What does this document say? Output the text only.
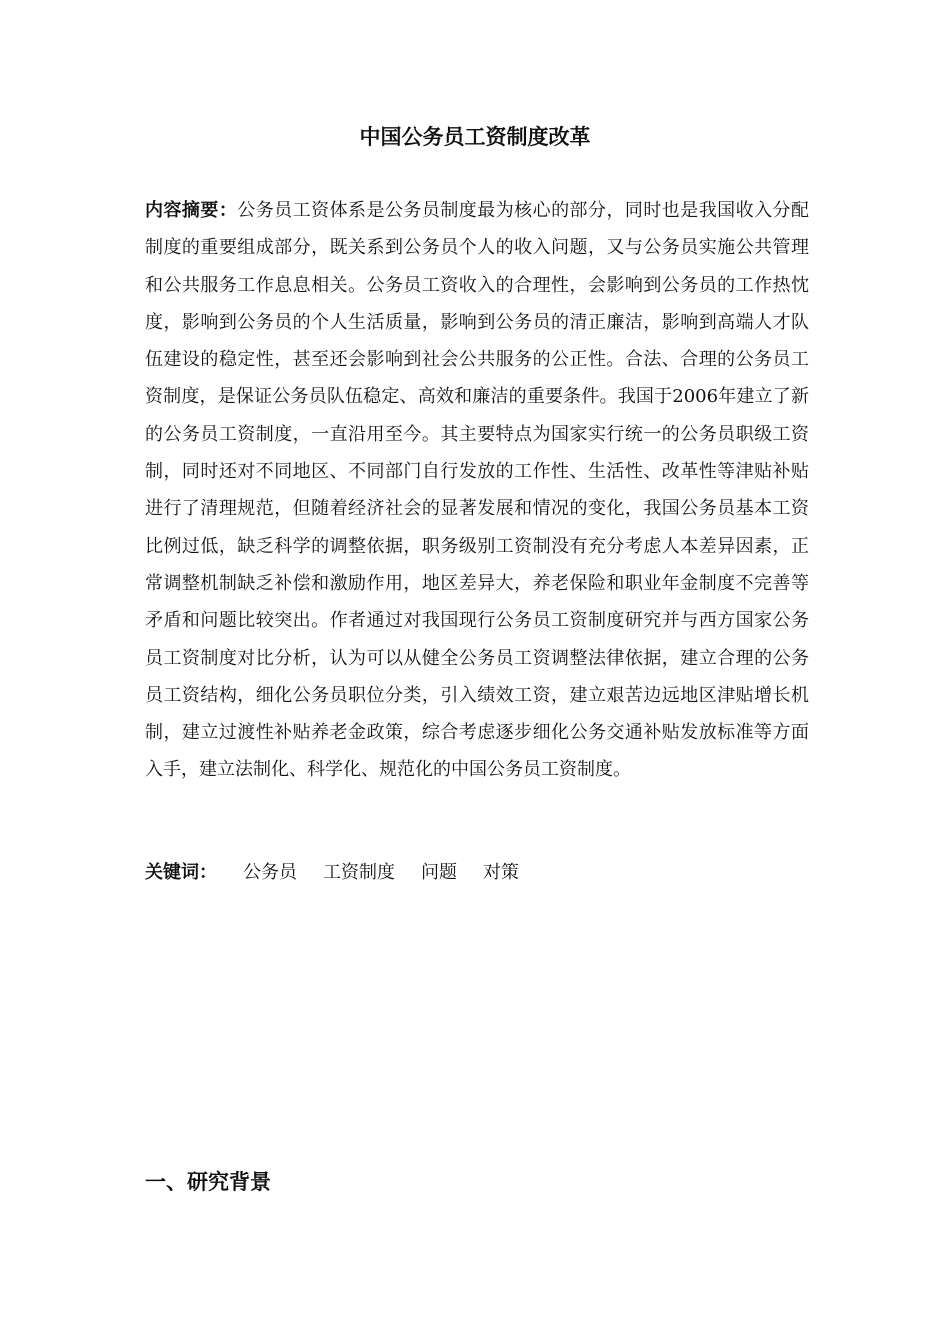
中国公务员工资制度改革

内容摘要：公务员工资体系是公务员制度最为核心的部分，同时也是我国收入分配制度的重要组成部分，既关系到公务员个人的收入问题，又与公务员实施公共管理和公共服务工作息息相关。公务员工资收入的合理性，会影响到公务员的工作热忱度，影响到公务员的个人生活质量，影响到公务员的清正廉洁，影响到高端人才队伍建设的稳定性，甚至还会影响到社会公共服务的公正性。合法、合理的公务员工资制度，是保证公务员队伍稳定、高效和廉洁的重要条件。我国于2006年建立了新的公务员工资制度，一直沿用至今。其主要特点为国家实行统一的公务员职级工资制，同时还对不同地区、不同部门自行发放的工作性、生活性、改革性等津贴补贴进行了清理规范，但随着经济社会的显著发展和情况的变化，我国公务员基本工资比例过低，缺乏科学的调整依据，职务级别工资制没有充分考虑人本差异因素，正常调整机制缺乏补偿和激励作用，地区差异大，养老保险和职业年金制度不完善等矛盾和问题比较突出。作者通过对我国现行公务员工资制度研究并与西方国家公务员工资制度对比分析，认为可以从健全公务员工资调整法律依据，建立合理的公务员工资结构，细化公务员职位分类，引入绩效工资，建立艰苦边远地区津贴增长机制，建立过渡性补贴养老金政策，综合考虑逐步细化公务交通补贴发放标准等方面入手，建立法制化、科学化、规范化的中国公务员工资制度。

关键词： 公务员 工资制度 问题 对策
一、研究背景
